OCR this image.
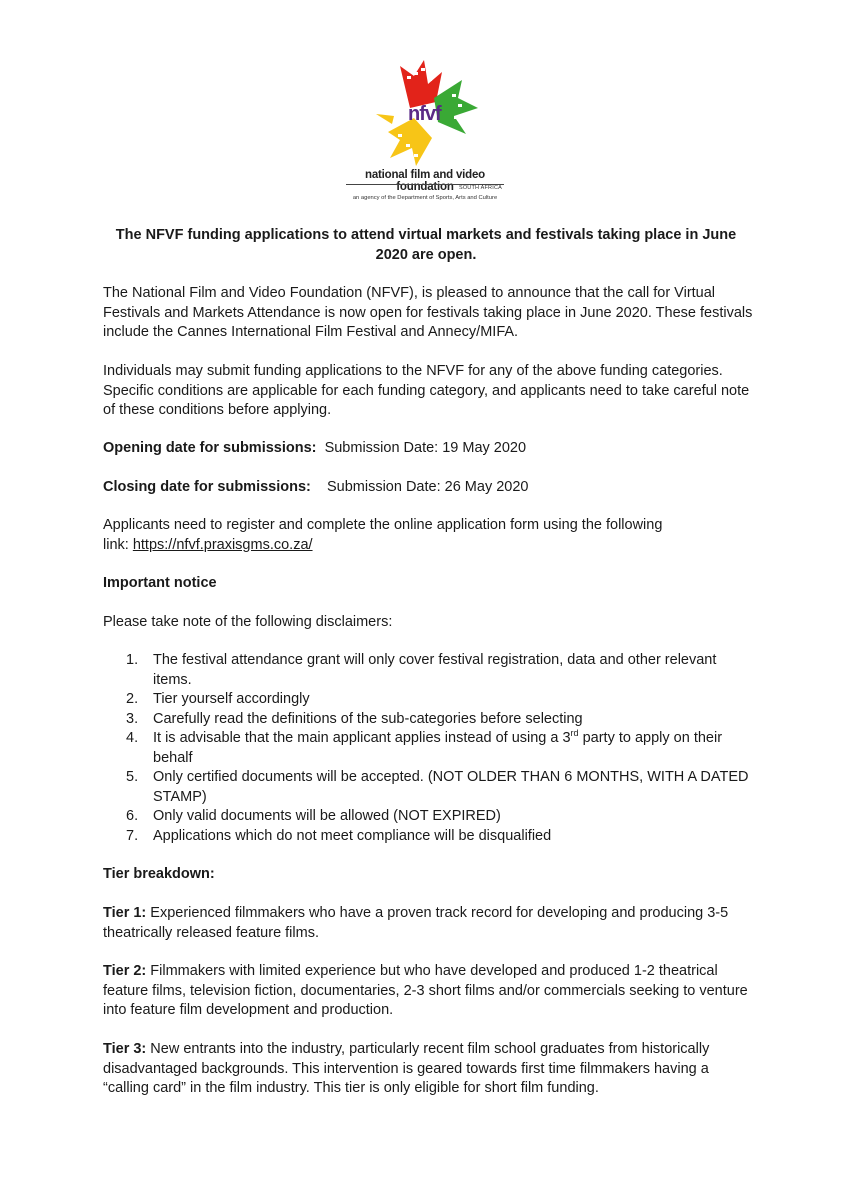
nfvf
national film and video foundation SOUTH AFRICA
an agency of the Department of Sports, Arts and Culture
The NFVF funding applications to attend virtual markets and festivals taking place in June 2020 are open.
The National Film and Video Foundation (NFVF), is pleased to announce that the call for Virtual Festivals and Markets Attendance is now open for festivals taking place in June 2020. These festivals include the Cannes International Film Festival and Annecy/MIFA.
Individuals may submit funding applications to the NFVF for any of the above funding categories. Specific conditions are applicable for each funding category, and applicants need to take careful note of these conditions before applying.
Opening date for submissions: Submission Date: 19 May 2020
Closing date for submissions: Submission Date: 26 May 2020
Applicants need to register and complete the online application form using the following link: https://nfvf.praxisgms.co.za/
Important notice
Please take note of the following disclaimers:
1. The festival attendance grant will only cover festival registration, data and other relevant items.
2. Tier yourself accordingly
3. Carefully read the definitions of the sub-categories before selecting
4. It is advisable that the main applicant applies instead of using a 3rd party to apply on their behalf
5. Only certified documents will be accepted. (NOT OLDER THAN 6 MONTHS, WITH A DATED STAMP)
6. Only valid documents will be allowed (NOT EXPIRED)
7. Applications which do not meet compliance will be disqualified
Tier breakdown:
Tier 1: Experienced filmmakers who have a proven track record for developing and producing 3-5 theatrically released feature films.
Tier 2: Filmmakers with limited experience but who have developed and produced 1-2 theatrical feature films, television fiction, documentaries, 2-3 short films and/or commercials seeking to venture into feature film development and production.
Tier 3: New entrants into the industry, particularly recent film school graduates from historically disadvantaged backgrounds. This intervention is geared towards first time filmmakers having a “calling card” in the film industry. This tier is only eligible for short film funding.
